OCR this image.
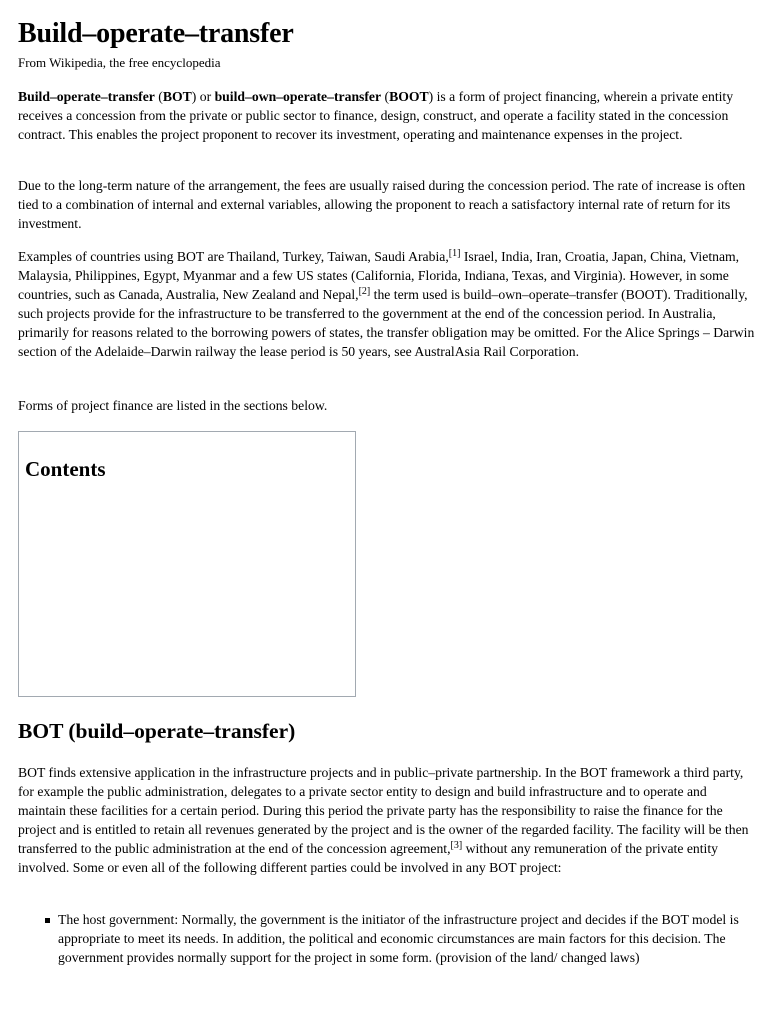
Build–operate–transfer
From Wikipedia, the free encyclopedia

Build–operate–transfer (BOT) or build–own–operate–transfer (BOOT) is a form of project financing, wherein a private entity receives a concession from the private or public sector to finance, design, construct, and operate a facility stated in the concession contract. This enables the project proponent to recover its investment, operating and maintenance expenses in the project.

Due to the long-term nature of the arrangement, the fees are usually raised during the concession period. The rate of increase is often tied to a combination of internal and external variables, allowing the proponent to reach a satisfactory internal rate of return for its investment.

Examples of countries using BOT are Thailand, Turkey, Taiwan, Saudi Arabia,[1] Israel, India, Iran, Croatia, Japan, China, Vietnam, Malaysia, Philippines, Egypt, Myanmar and a few US states (California, Florida, Indiana, Texas, and Virginia). However, in some countries, such as Canada, Australia, New Zealand and Nepal,[2] the term used is build–own–operate–transfer (BOOT). Traditionally, such projects provide for the infrastructure to be transferred to the government at the end of the concession period. In Australia, primarily for reasons related to the borrowing powers of states, the transfer obligation may be omitted. For the Alice Springs – Darwin section of the Adelaide–Darwin railway the lease period is 50 years, see AustralAsia Rail Corporation.

Forms of project finance are listed in the sections below.

Contents
BOT (build–operate–transfer)

BOT finds extensive application in the infrastructure projects and in public–private partnership. In the BOT framework a third party, for example the public administration, delegates to a private sector entity to design and build infrastructure and to operate and maintain these facilities for a certain period. During this period the private party has the responsibility to raise the finance for the project and is entitled to retain all revenues generated by the project and is the owner of the regarded facility. The facility will be then transferred to the public administration at the end of the concession agreement,[3] without any remuneration of the private entity involved. Some or even all of the following different parties could be involved in any BOT project:

The host government: Normally, the government is the initiator of the infrastructure project and decides if the BOT model is appropriate to meet its needs. In addition, the political and economic circumstances are main factors for this decision. The government provides normally support for the project in some form. (provision of the land/ changed laws)
